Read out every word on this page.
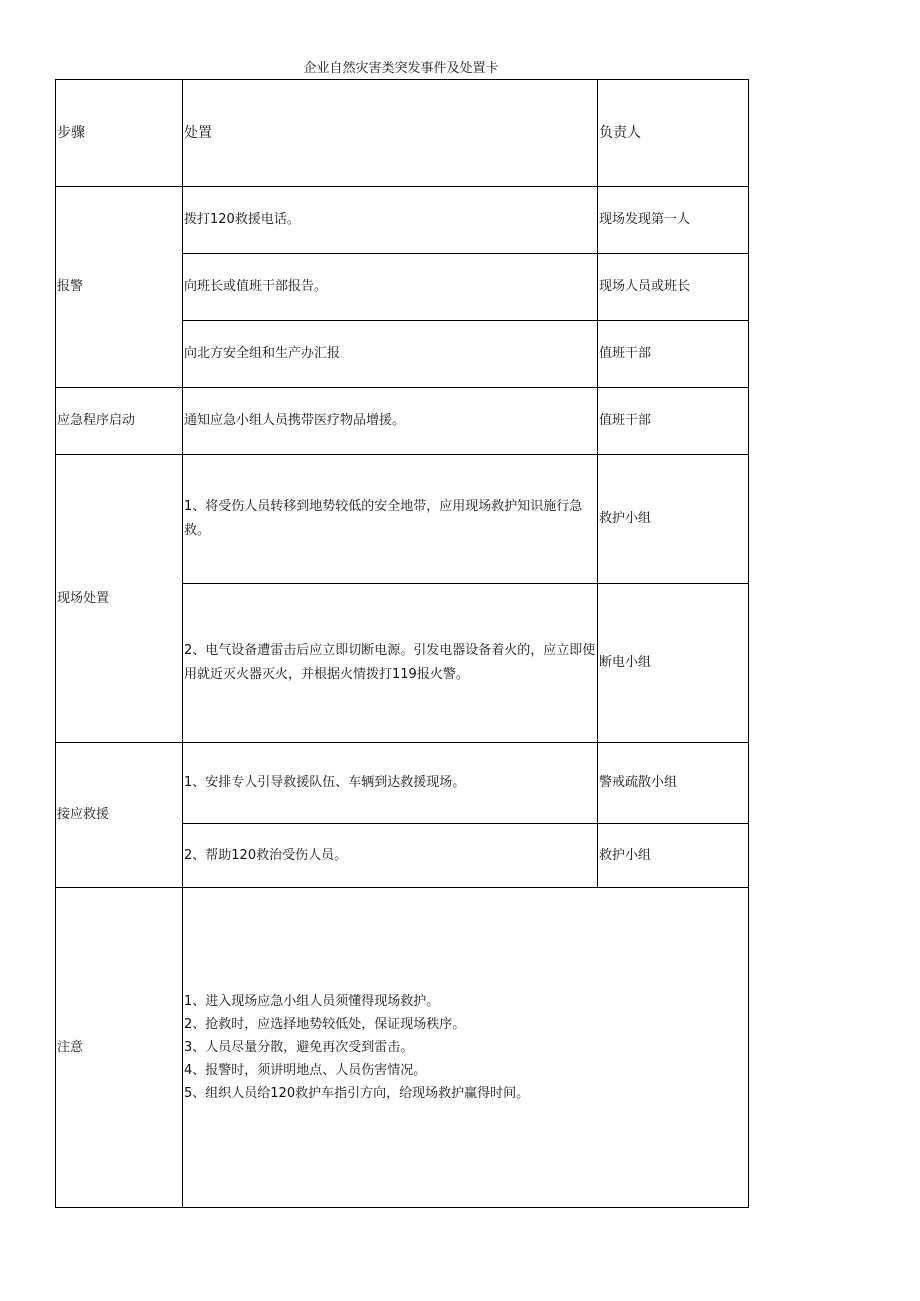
企业自然灾害类突发事件及处置卡
步骤	处置	负责人
报警	拨打120救援电话。	现场发现第一人
	向班长或值班干部报告。	现场人员或班长
	向北方安全组和生产办汇报	值班干部
应急程序启动	通知应急小组人员携带医疗物品增援。	值班干部
现场处置	1、将受伤人员转移到地势较低的安全地带，应用现场救护知识施行急救。	救护小组
	2、电气设备遭雷击后应立即切断电源。引发电器设备着火的，应立即使用就近灭火器灭火，并根据火情拨打119报火警。	断电小组
接应救援	1、安排专人引导救援队伍、车辆到达救援现场。	警戒疏散小组
	2、帮助120救治受伤人员。	救护小组
注意	1、进入现场应急小组人员须懂得现场救护。
2、抢救时，应选择地势较低处，保证现场秩序。
3、人员尽量分散，避免再次受到雷击。
4、报警时，须讲明地点、人员伤害情况。
5、组织人员给120救护车指引方向，给现场救护赢得时间。	
